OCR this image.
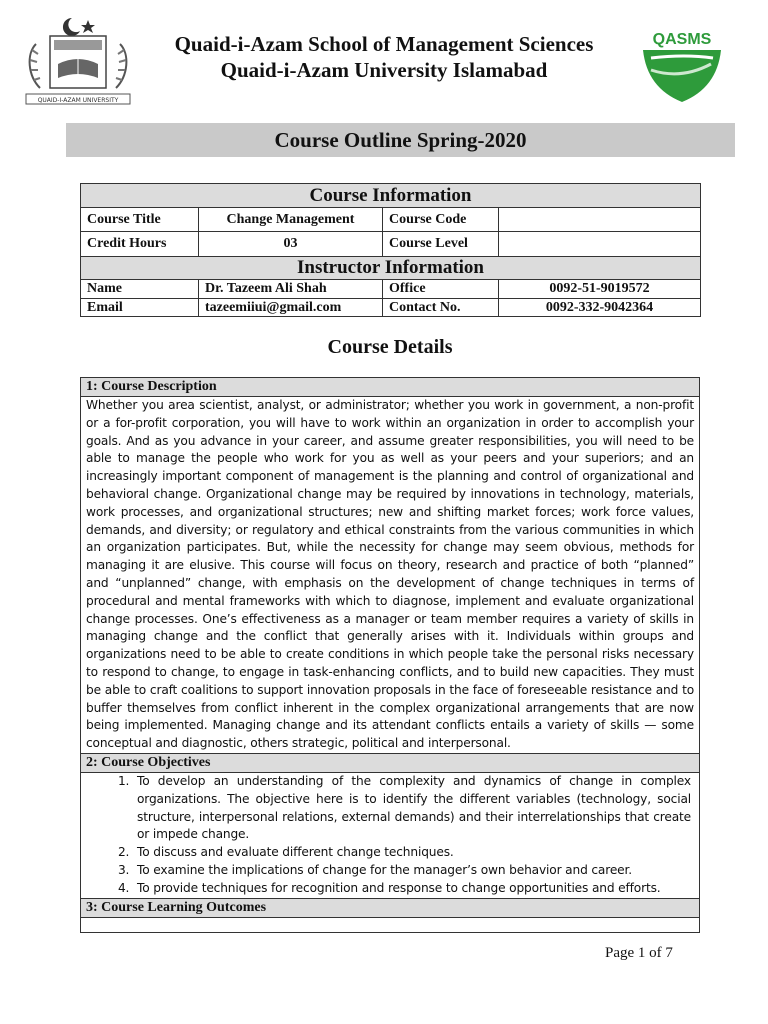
QUAID-I-AZAM UNIVERSITY
Quaid-i-Azam School of Management Sciences
Quaid-i-Azam University Islamabad
QASMS
Course Outline Spring-2020
Course Information			
Course Title	Change Management	Course Code	
Credit Hours	03	Course Level	
Instructor Information			
Name	Dr. Tazeem Ali Shah	Office	0092-51-9019572
Email	tazeemiiui@gmail.com	Contact No.	0092-332-9042364
Course Details
1: Course Description
Whether you area scientist, analyst, or administrator; whether you work in government, a non-profit or a for-profit corporation, you will have to work within an organization in order to accomplish your goals. And as you advance in your career, and assume greater responsibilities, you will need to be able to manage the people who work for you as well as your peers and your superiors; and an increasingly important component of management is the planning and control of organizational and behavioral change. Organizational change may be required by innovations in technology, materials, work processes, and organizational structures; new and shifting market forces; work force values, demands, and diversity; or regulatory and ethical constraints from the various communities in which an organization participates. But, while the necessity for change may seem obvious, methods for managing it are elusive. This course will focus on theory, research and practice of both “planned” and “unplanned” change, with emphasis on the development of change techniques in terms of procedural and mental frameworks with which to diagnose, implement and evaluate organizational change processes. One’s effectiveness as a manager or team member requires a variety of skills in managing change and the conflict that generally arises with it. Individuals within groups and organizations need to be able to create conditions in which people take the personal risks necessary to respond to change, to engage in task-enhancing conflicts, and to build new capacities. They must be able to craft coalitions to support innovation proposals in the face of foreseeable resistance and to buffer themselves from conflict inherent in the complex organizational arrangements that are now being implemented. Managing change and its attendant conflicts entails a variety of skills — some conceptual and diagnostic, others strategic, political and interpersonal.
2: Course Objectives
1. To develop an understanding of the complexity and dynamics of change in complex organizations. The objective here is to identify the different variables (technology, social structure, interpersonal relations, external demands) and their interrelationships that create or impede change.
2. To discuss and evaluate different change techniques.
3. To examine the implications of change for the manager’s own behavior and career.
4. To provide techniques for recognition and response to change opportunities and efforts.
3: Course Learning Outcomes
Page 1 of 7
